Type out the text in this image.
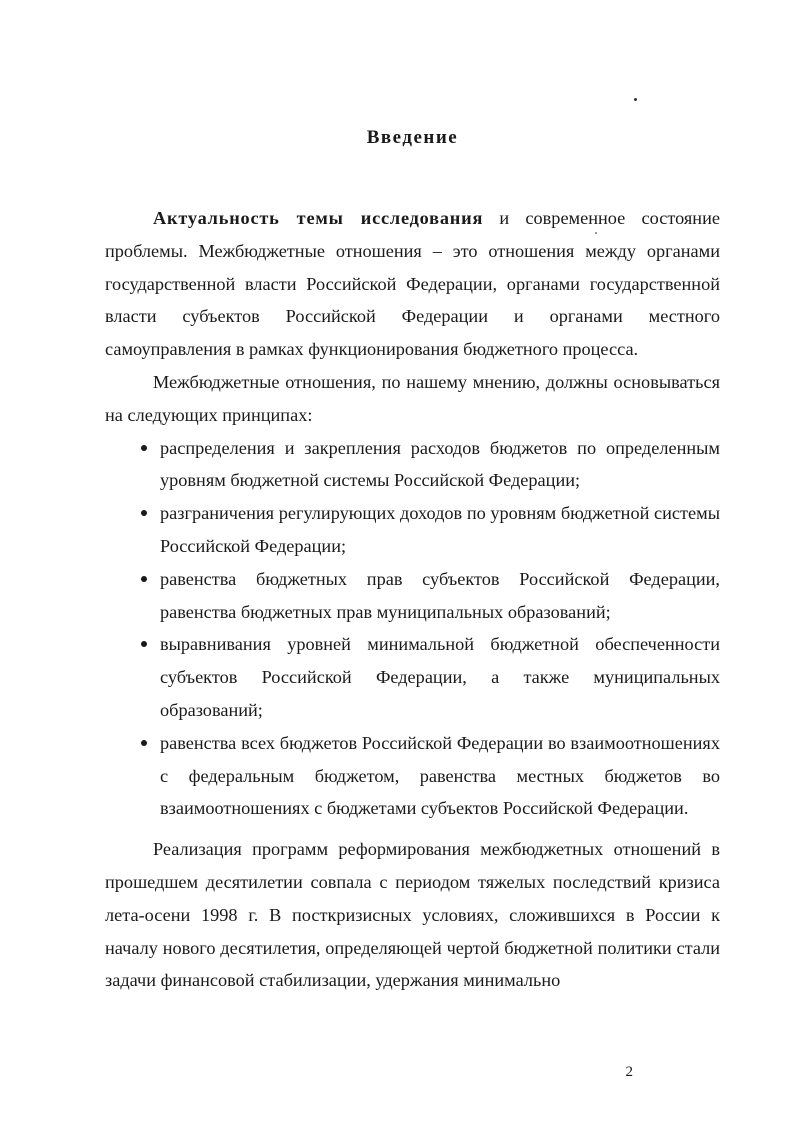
Введение

Актуальность темы исследования и современное состояние проблемы. Межбюджетные отношения – это отношения между органами государственной власти Российской Федерации, органами государственной власти субъектов Российской Федерации и органами местного самоуправления в рамках функционирования бюджетного процесса.

Межбюджетные отношения, по нашему мнению, должны основываться на следующих принципах:

распределения и закрепления расходов бюджетов по определенным уровням бюджетной системы Российской Федерации;
разграничения регулирующих доходов по уровням бюджетной системы Российской Федерации;
равенства бюджетных прав субъектов Российской Федерации, равенства бюджетных прав муниципальных образований;
выравнивания уровней минимальной бюджетной обеспеченности субъектов Российской Федерации, а также муниципальных образований;
равенства всех бюджетов Российской Федерации во взаимоотношениях с федеральным бюджетом, равенства местных бюджетов во взаимоотношениях с бюджетами субъектов Российской Федерации.

Реализация программ реформирования межбюджетных отношений в прошедшем десятилетии совпала с периодом тяжелых последствий кризиса лета-осени 1998 г. В посткризисных условиях, сложившихся в России к началу нового десятилетия, определяющей чертой бюджетной политики стали задачи финансовой стабилизации, удержания минимально

2
